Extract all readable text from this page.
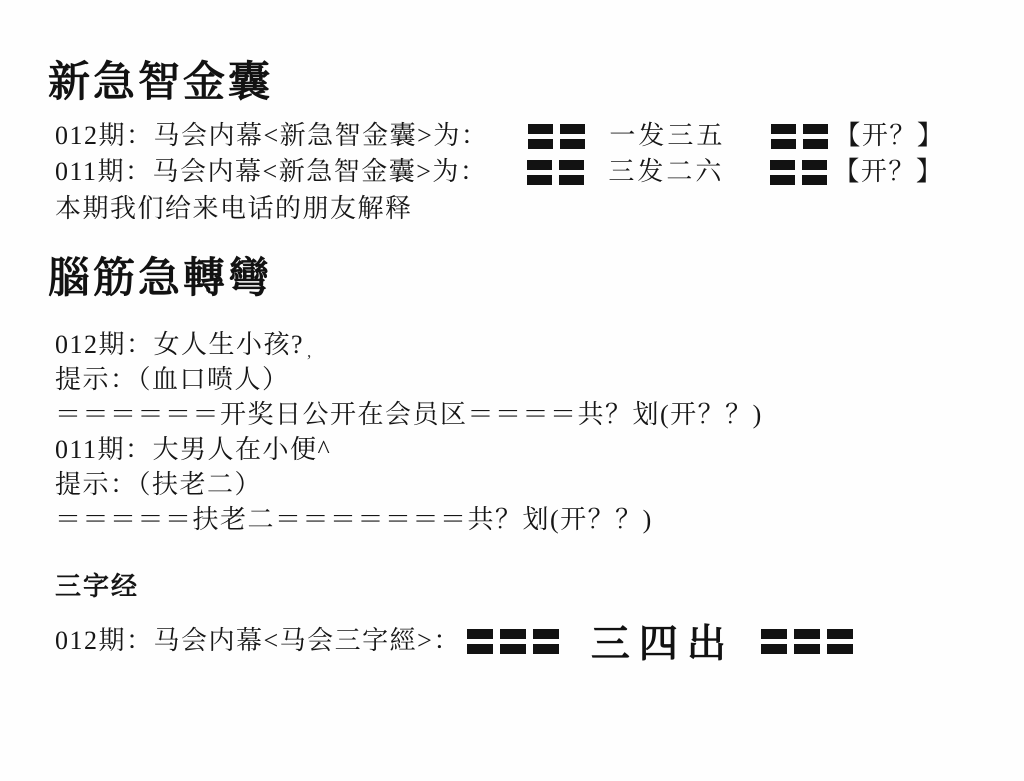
新急智金囊
012期：马会内幕<新急智金囊>为：	一发三五	【开？】
011期：马会内幕<新急智金囊>为：	三发二六	【开？】

本期我们给来电话的朋友解释

腦筋急轉彎

012期：女人生小孩? ,

提示：（血口喷人）

＝＝＝＝＝＝开奖日公开在会员区＝＝＝＝共？划(开？？)

011期：大男人在小便^

提示：（扶老二）

＝＝＝＝＝扶老二＝＝＝＝＝＝＝共？划(开？？)

三字经

012期：马会内幕<马会三字經>：	三四出
